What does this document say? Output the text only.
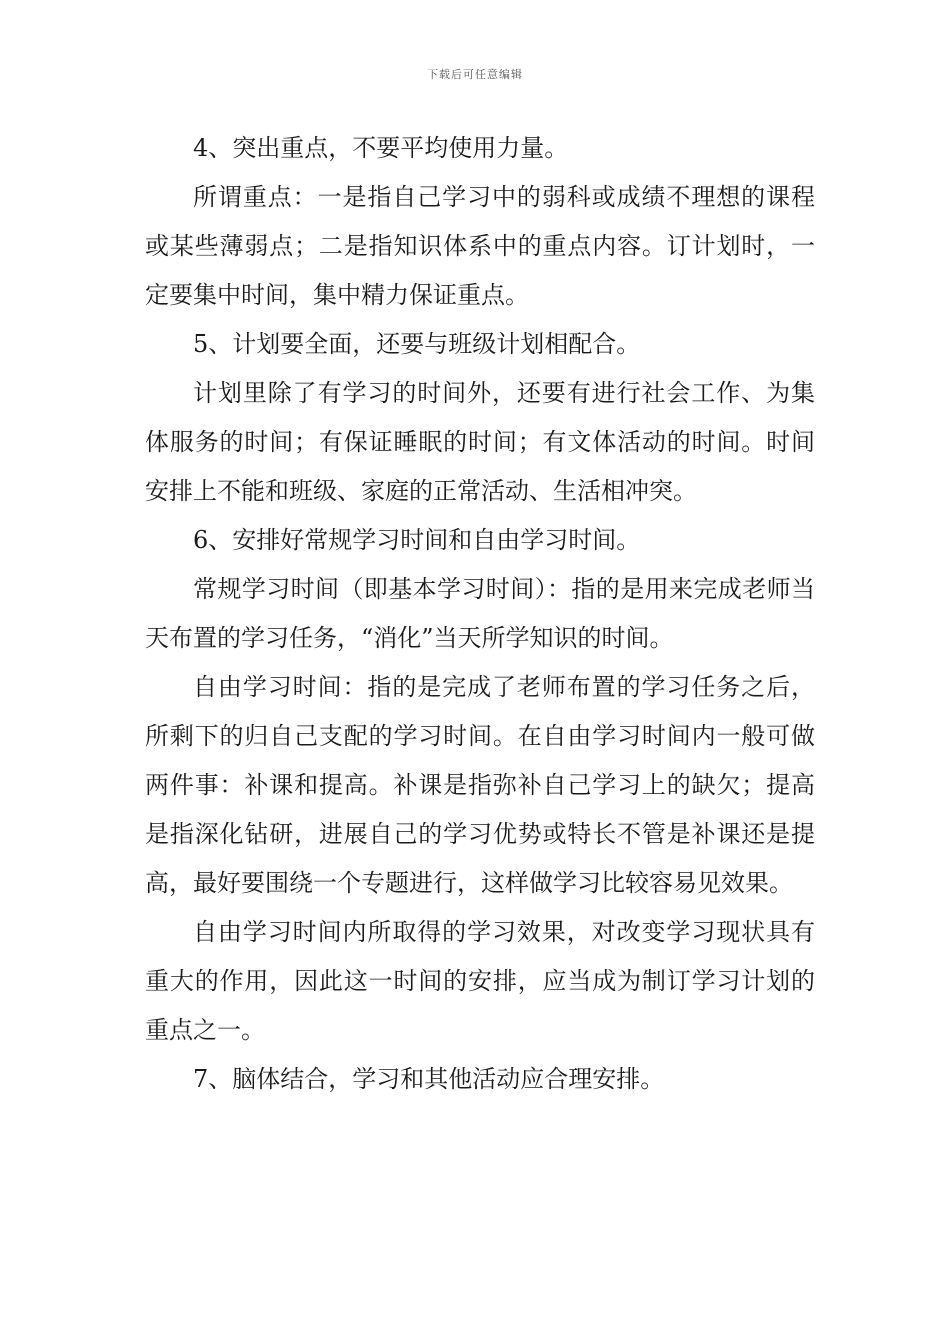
下载后可任意编辑

4、突出重点，不要平均使用力量。

所谓重点：一是指自己学习中的弱科或成绩不理想的课程或某些薄弱点；二是指知识体系中的重点内容。订计划时，一定要集中时间，集中精力保证重点。

5、计划要全面，还要与班级计划相配合。

计划里除了有学习的时间外，还要有进行社会工作、为集体服务的时间；有保证睡眠的时间；有文体活动的时间。时间安排上不能和班级、家庭的正常活动、生活相冲突。

6、安排好常规学习时间和自由学习时间。

常规学习时间（即基本学习时间）：指的是用来完成老师当天布置的学习任务，“消化”当天所学知识的时间。

自由学习时间：指的是完成了老师布置的学习任务之后，所剩下的归自己支配的学习时间。在自由学习时间内一般可做两件事：补课和提高。补课是指弥补自己学习上的缺欠；提高是指深化钻研，进展自己的学习优势或特长不管是补课还是提高，最好要围绕一个专题进行，这样做学习比较容易见效果。

自由学习时间内所取得的学习效果，对改变学习现状具有重大的作用，因此这一时间的安排，应当成为制订学习计划的重点之一。

7、脑体结合，学习和其他活动应合理安排。
